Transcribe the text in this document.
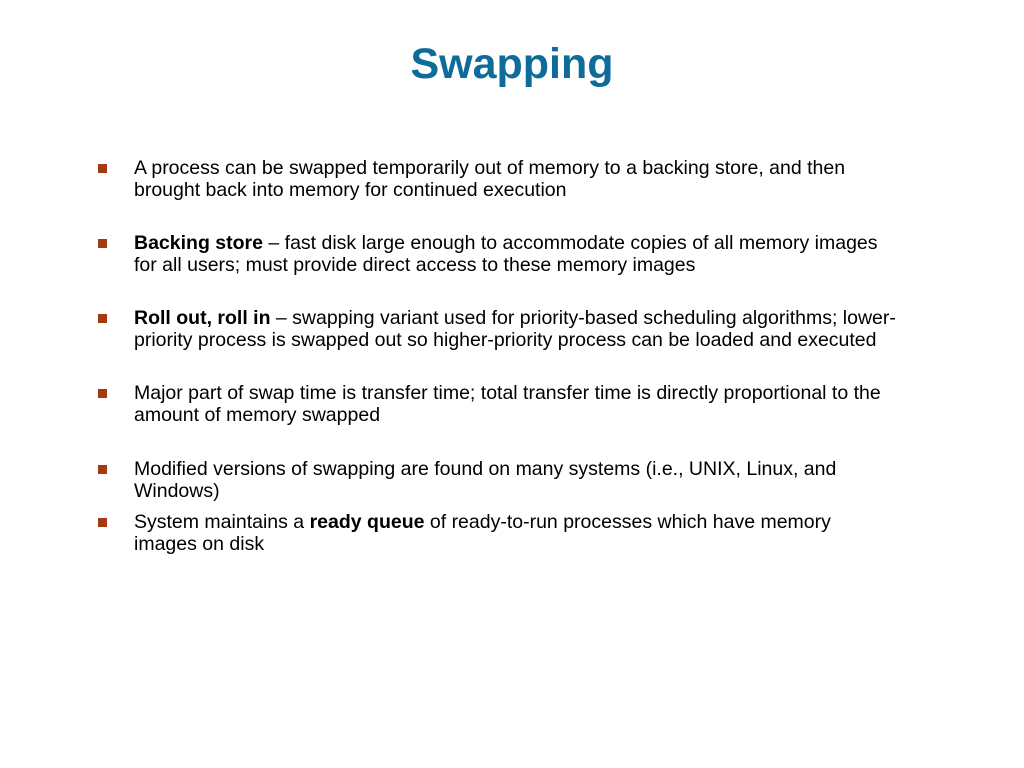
Swapping
A process can be swapped temporarily out of memory to a backing store, and then brought back into memory for continued execution
Backing store – fast disk large enough to accommodate copies of all memory images for all users; must provide direct access to these memory images
Roll out, roll in – swapping variant used for priority-based scheduling algorithms; lower-priority process is swapped out so higher-priority process can be loaded and executed
Major part of swap time is transfer time; total transfer time is directly proportional to the amount of memory swapped
Modified versions of swapping are found on many systems (i.e., UNIX, Linux, and Windows)
System maintains a ready queue of ready-to-run processes which have memory images on disk
